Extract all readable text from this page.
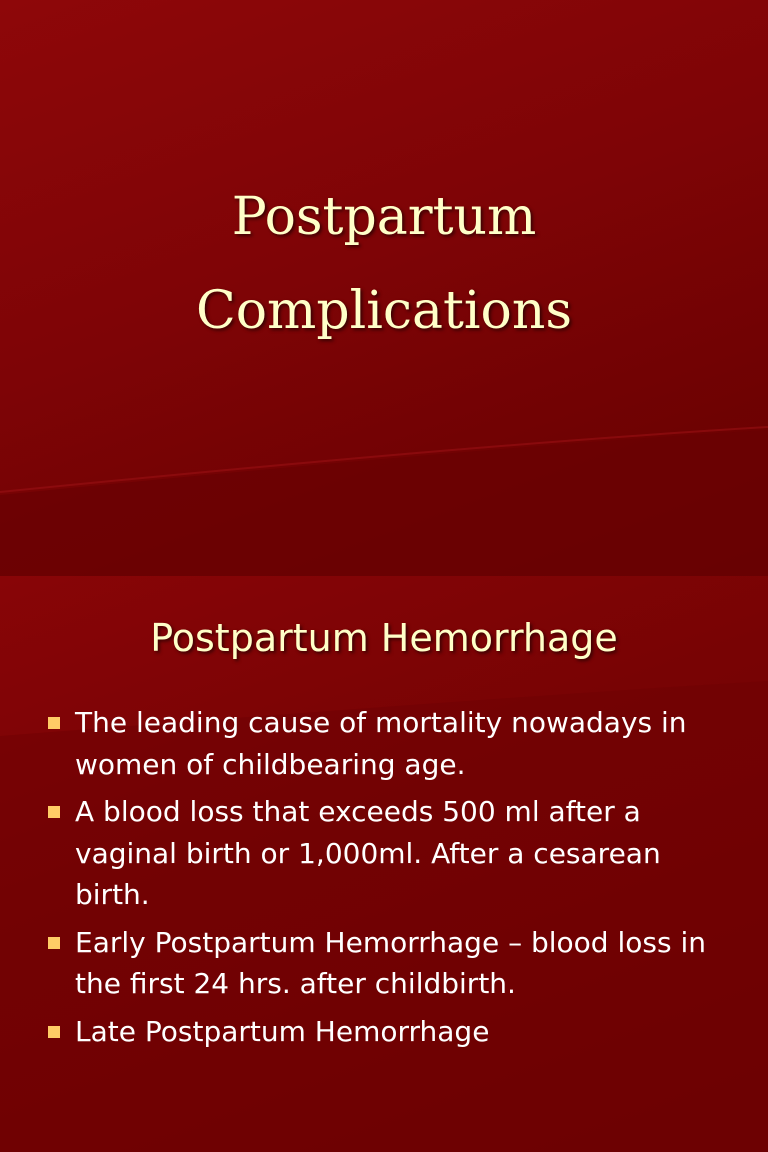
Postpartum
Complications
Postpartum Hemorrhage
The leading cause of mortality nowadays in women of childbearing age.
A blood loss that exceeds 500 ml after a vaginal birth or 1,000ml. After a cesarean birth.
Early Postpartum Hemorrhage – blood loss in the first 24 hrs. after childbirth.
Late Postpartum Hemorrhage
